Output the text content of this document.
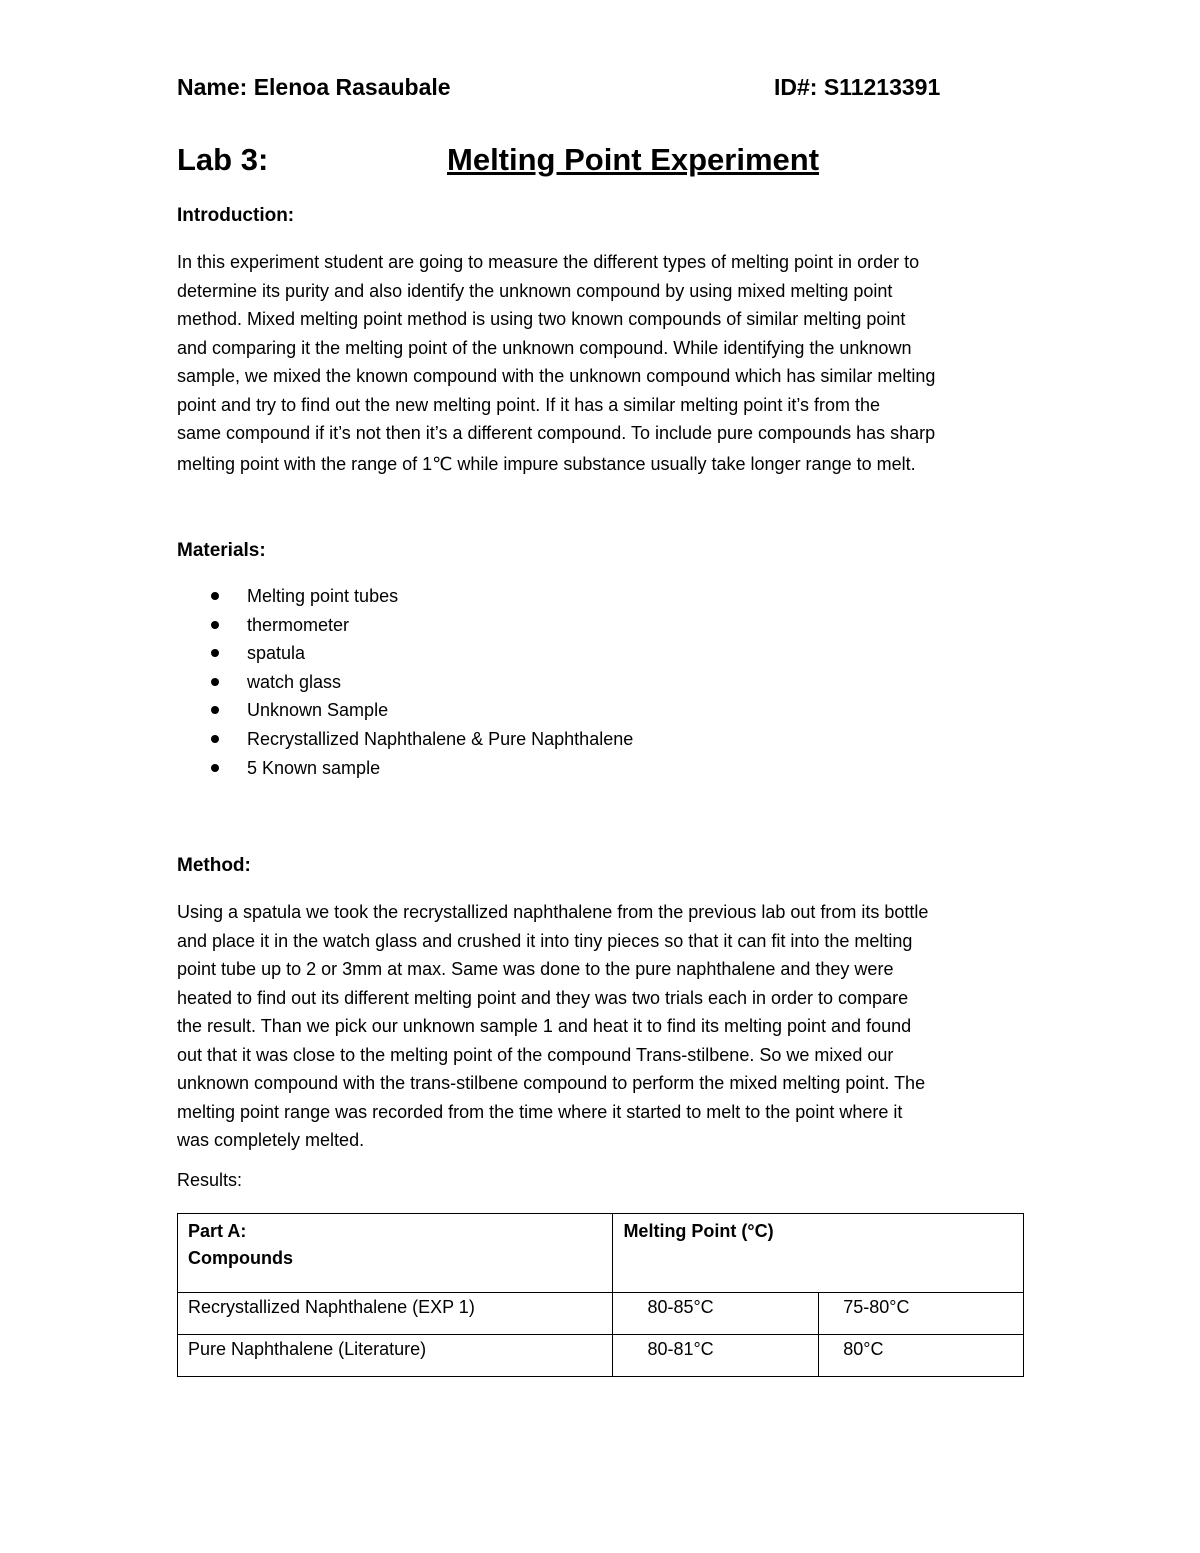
Name: Elenoa Rasaubale	ID#: S11213391
Lab 3:	Melting Point Experiment
Introduction:
In this experiment student are going to measure the different types of melting point in order to
determine its purity and also identify the unknown compound by using mixed melting point
method. Mixed melting point method is using two known compounds of similar melting point
and comparing it the melting point of the unknown compound. While identifying the unknown
sample, we mixed the known compound with the unknown compound which has similar melting
point and try to find out the new melting point. If it has a similar melting point it’s from the
same compound if it’s not then it’s a different compound. To include pure compounds has sharp
melting point with the range of 1℃ while impure substance usually take longer range to melt.
Materials:
Melting point tubes
thermometer
spatula
watch glass
Unknown Sample
Recrystallized Naphthalene & Pure Naphthalene
5 Known sample
Method:
Using a spatula we took the recrystallized naphthalene from the previous lab out from its bottle
and place it in the watch glass and crushed it into tiny pieces so that it can fit into the melting
point tube up to 2 or 3mm at max. Same was done to the pure naphthalene and they were
heated to find out its different melting point and they was two trials each in order to compare
the result. Than we pick our unknown sample 1 and heat it to find its melting point and found
out that it was close to the melting point of the compound Trans-stilbene. So we mixed our
unknown compound with the trans-stilbene compound to perform the mixed melting point. The
melting point range was recorded from the time where it started to melt to the point where it
was completely melted.
Results:
Part A:
Compounds	Melting Point (°C)	

Recrystallized Naphthalene (EXP 1)	80-85°C	75-80°C
Pure Naphthalene (Literature)	80-81°C	80°C
